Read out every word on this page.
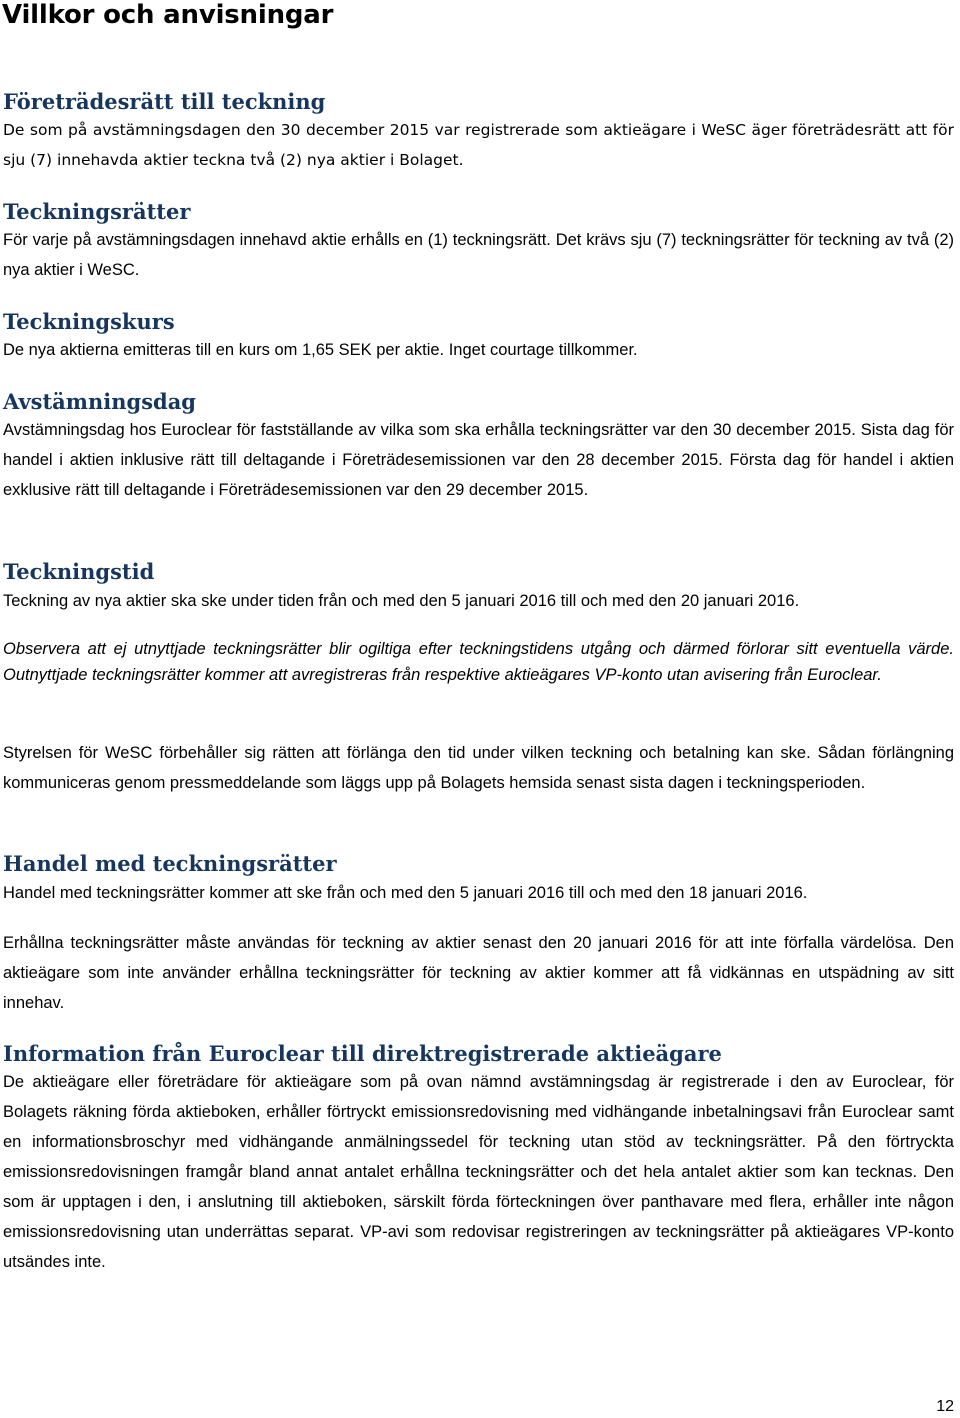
Villkor och anvisningar
Företrädesrätt till teckning

De som på avstämningsdagen den 30 december 2015 var registrerade som aktieägare i WeSC äger företrädesrätt att för sju (7) innehavda aktier teckna två (2) nya aktier i Bolaget.

Teckningsrätter

För varje på avstämningsdagen innehavd aktie erhålls en (1) teckningsrätt. Det krävs sju (7) teckningsrätter för teckning av två (2) nya aktier i WeSC.

Teckningskurs

De nya aktierna emitteras till en kurs om 1,65 SEK per aktie. Inget courtage tillkommer.

Avstämningsdag

Avstämningsdag hos Euroclear för fastställande av vilka som ska erhålla teckningsrätter var den 30 december 2015. Sista dag för handel i aktien inklusive rätt till deltagande i Företrädesemissionen var den 28 december 2015. Första dag för handel i aktien exklusive rätt till deltagande i Företrädesemissionen var den 29 december 2015.

Teckningstid

Teckning av nya aktier ska ske under tiden från och med den 5 januari 2016 till och med den 20 januari 2016.

Observera att ej utnyttjade teckningsrätter blir ogiltiga efter teckningstidens utgång och därmed förlorar sitt eventuella värde. Outnyttjade teckningsrätter kommer att avregistreras från respektive aktieägares VP-konto utan avisering från Euroclear.

Styrelsen för WeSC förbehåller sig rätten att förlänga den tid under vilken teckning och betalning kan ske. Sådan förlängning kommuniceras genom pressmeddelande som läggs upp på Bolagets hemsida senast sista dagen i teckningsperioden.

Handel med teckningsrätter

Handel med teckningsrätter kommer att ske från och med den 5 januari 2016 till och med den 18 januari 2016.

Erhållna teckningsrätter måste användas för teckning av aktier senast den 20 januari 2016 för att inte förfalla värdelösa. Den aktieägare som inte använder erhållna teckningsrätter för teckning av aktier kommer att få vidkännas en utspädning av sitt innehav.

Information från Euroclear till direktregistrerade aktieägare

De aktieägare eller företrädare för aktieägare som på ovan nämnd avstämningsdag är registrerade i den av Euroclear, för Bolagets räkning förda aktieboken, erhåller förtryckt emissionsredovisning med vidhängande inbetalningsavi från Euroclear samt en informationsbroschyr med vidhängande anmälningssedel för teckning utan stöd av teckningsrätter. På den förtryckta emissionsredovisningen framgår bland annat antalet erhållna teckningsrätter och det hela antalet aktier som kan tecknas. Den som är upptagen i den, i anslutning till aktieboken, särskilt förda förteckningen över panthavare med flera, erhåller inte någon emissionsredovisning utan underrättas separat. VP-avi som redovisar registreringen av teckningsrätter på aktieägares VP-konto utsändes inte.

12
